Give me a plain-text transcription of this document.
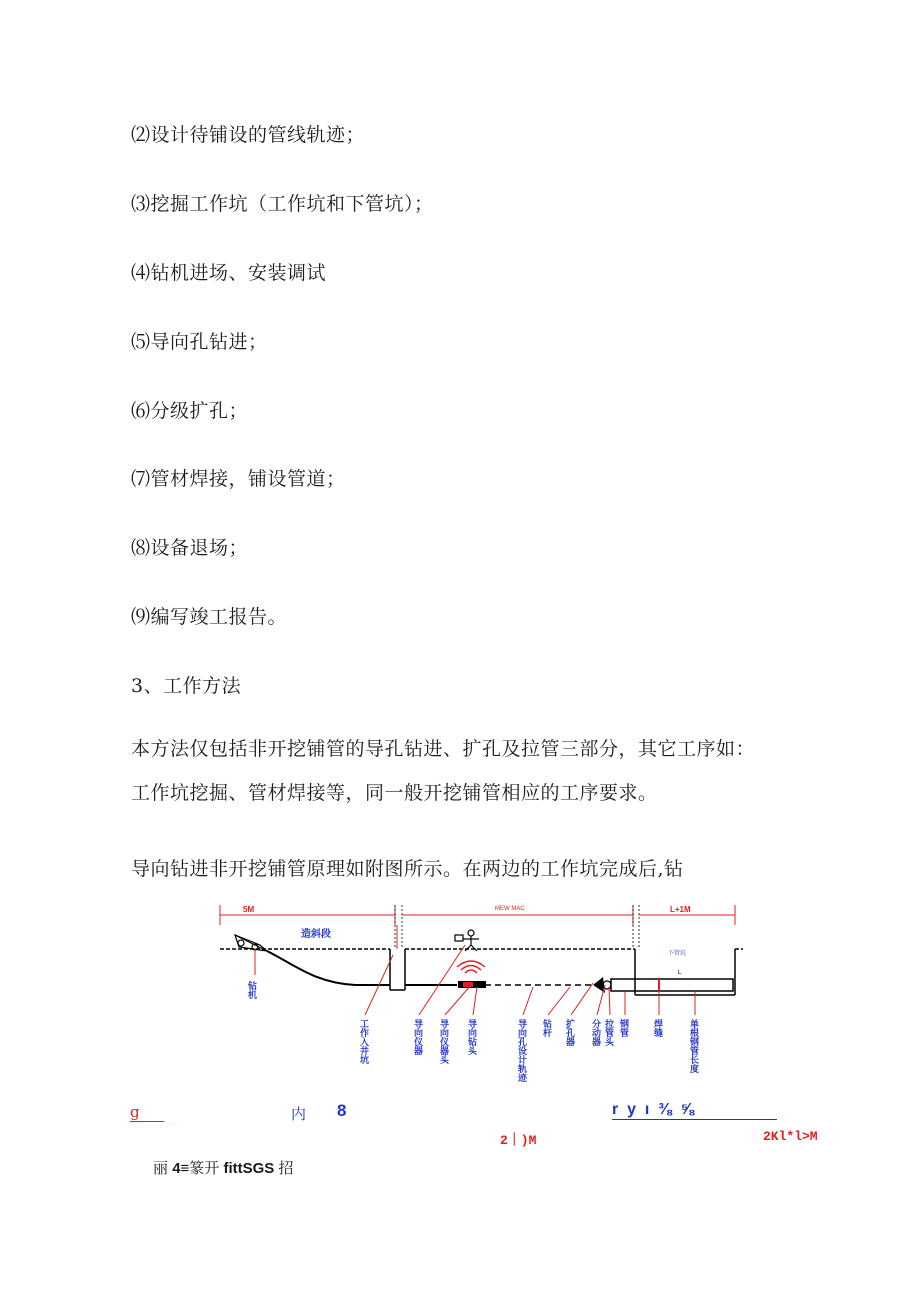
⑵设计待铺设的管线轨迹；
⑶挖掘工作坑（工作坑和下管坑）；
⑷钻机进场、安装调试
⑸导向孔钻进；
⑹分级扩孔；
⑺管材焊接，铺设管道；
⑻设备退场；
⑼编写竣工报告。
3、工作方法

本方法仅包括非开挖铺管的导孔钻进、扩孔及拉管三部分，其它工序如：

工作坑挖掘、管材焊接等，同一般开挖铺管相应的工序要求。

导向钻进非开挖铺管原理如附图所示。在两边的工作坑完成后,钻
5M	MEW MAC	L+1M
造斜段
L
下管坑
钻机
工作入井坑	导向仪器 导向仪器头 导向钻头	导向孔设计轨迹 钻杆 扩孔器 分动器 拉管头 钢管	焊缝	单根钢管长度
g	内 8	r  y  ı  ⅜  ⅝
2｜)M	2Kl*l>M
丽 4≡篆开 fittSGS 招
